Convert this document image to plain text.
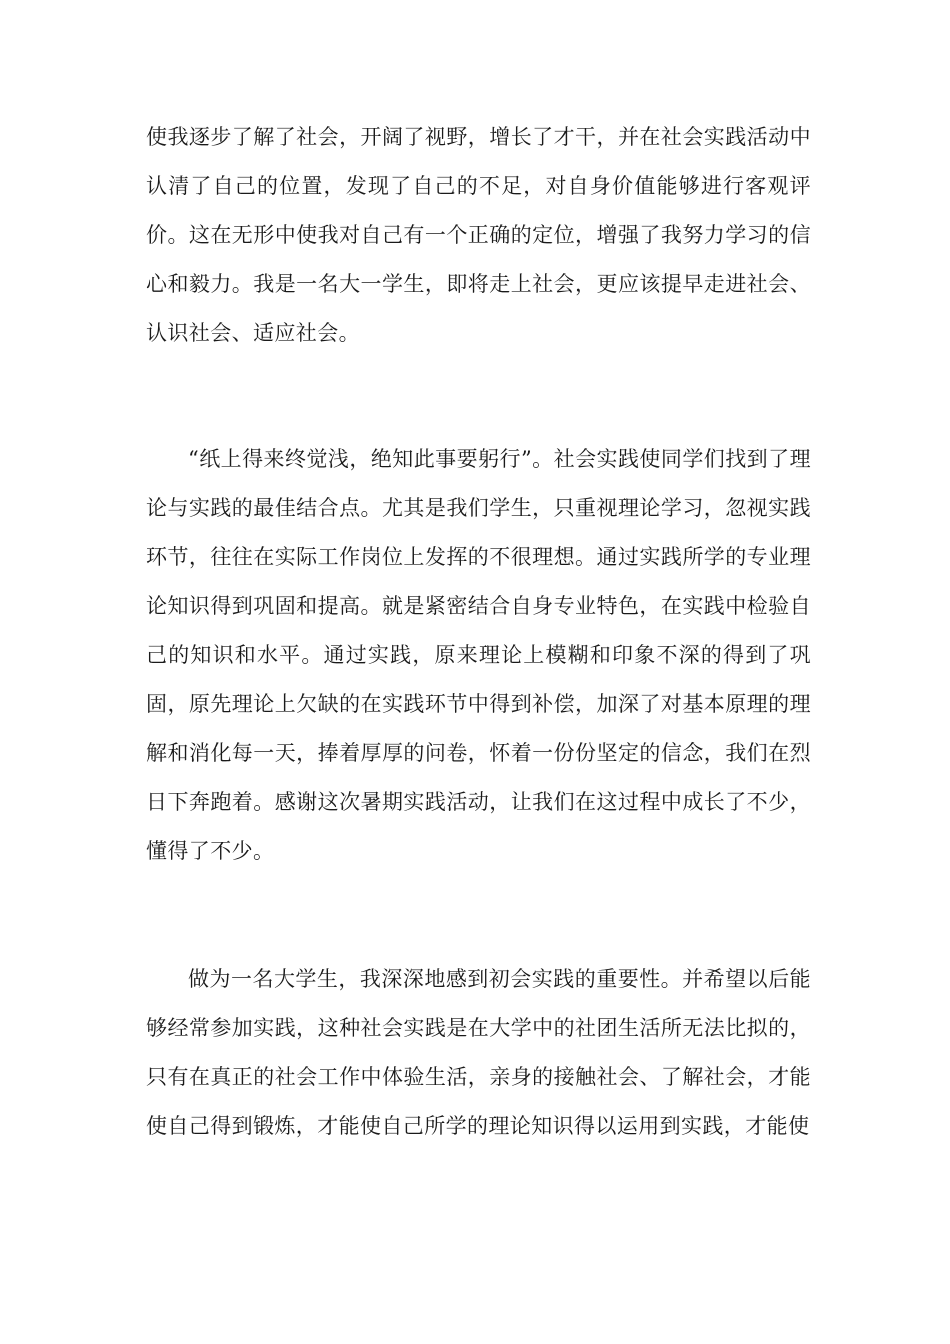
使我逐步了解了社会，开阔了视野，增长了才干，并在社会实践活动中认清了自己的位置，发现了自己的不足，对自身价值能够进行客观评价。这在无形中使我对自己有一个正确的定位，增强了我努力学习的信心和毅力。我是一名大一学生，即将走上社会，更应该提早走进社会、认识社会、适应社会。

“纸上得来终觉浅，绝知此事要躬行”。社会实践使同学们找到了理论与实践的最佳结合点。尤其是我们学生，只重视理论学习，忽视实践环节，往往在实际工作岗位上发挥的不很理想。通过实践所学的专业理论知识得到巩固和提高。就是紧密结合自身专业特色，在实践中检验自己的知识和水平。通过实践，原来理论上模糊和印象不深的得到了巩固，原先理论上欠缺的在实践环节中得到补偿，加深了对基本原理的理解和消化每一天，捧着厚厚的问卷，怀着一份份坚定的信念，我们在烈日下奔跑着。感谢这次暑期实践活动，让我们在这过程中成长了不少，懂得了不少。

做为一名大学生，我深深地感到初会实践的重要性。并希望以后能够经常参加实践，这种社会实践是在大学中的社团生活所无法比拟的，只有在真正的社会工作中体验生活，亲身的接触社会、了解社会，才能使自己得到锻炼，才能使自己所学的理论知识得以运用到实践，才能使
